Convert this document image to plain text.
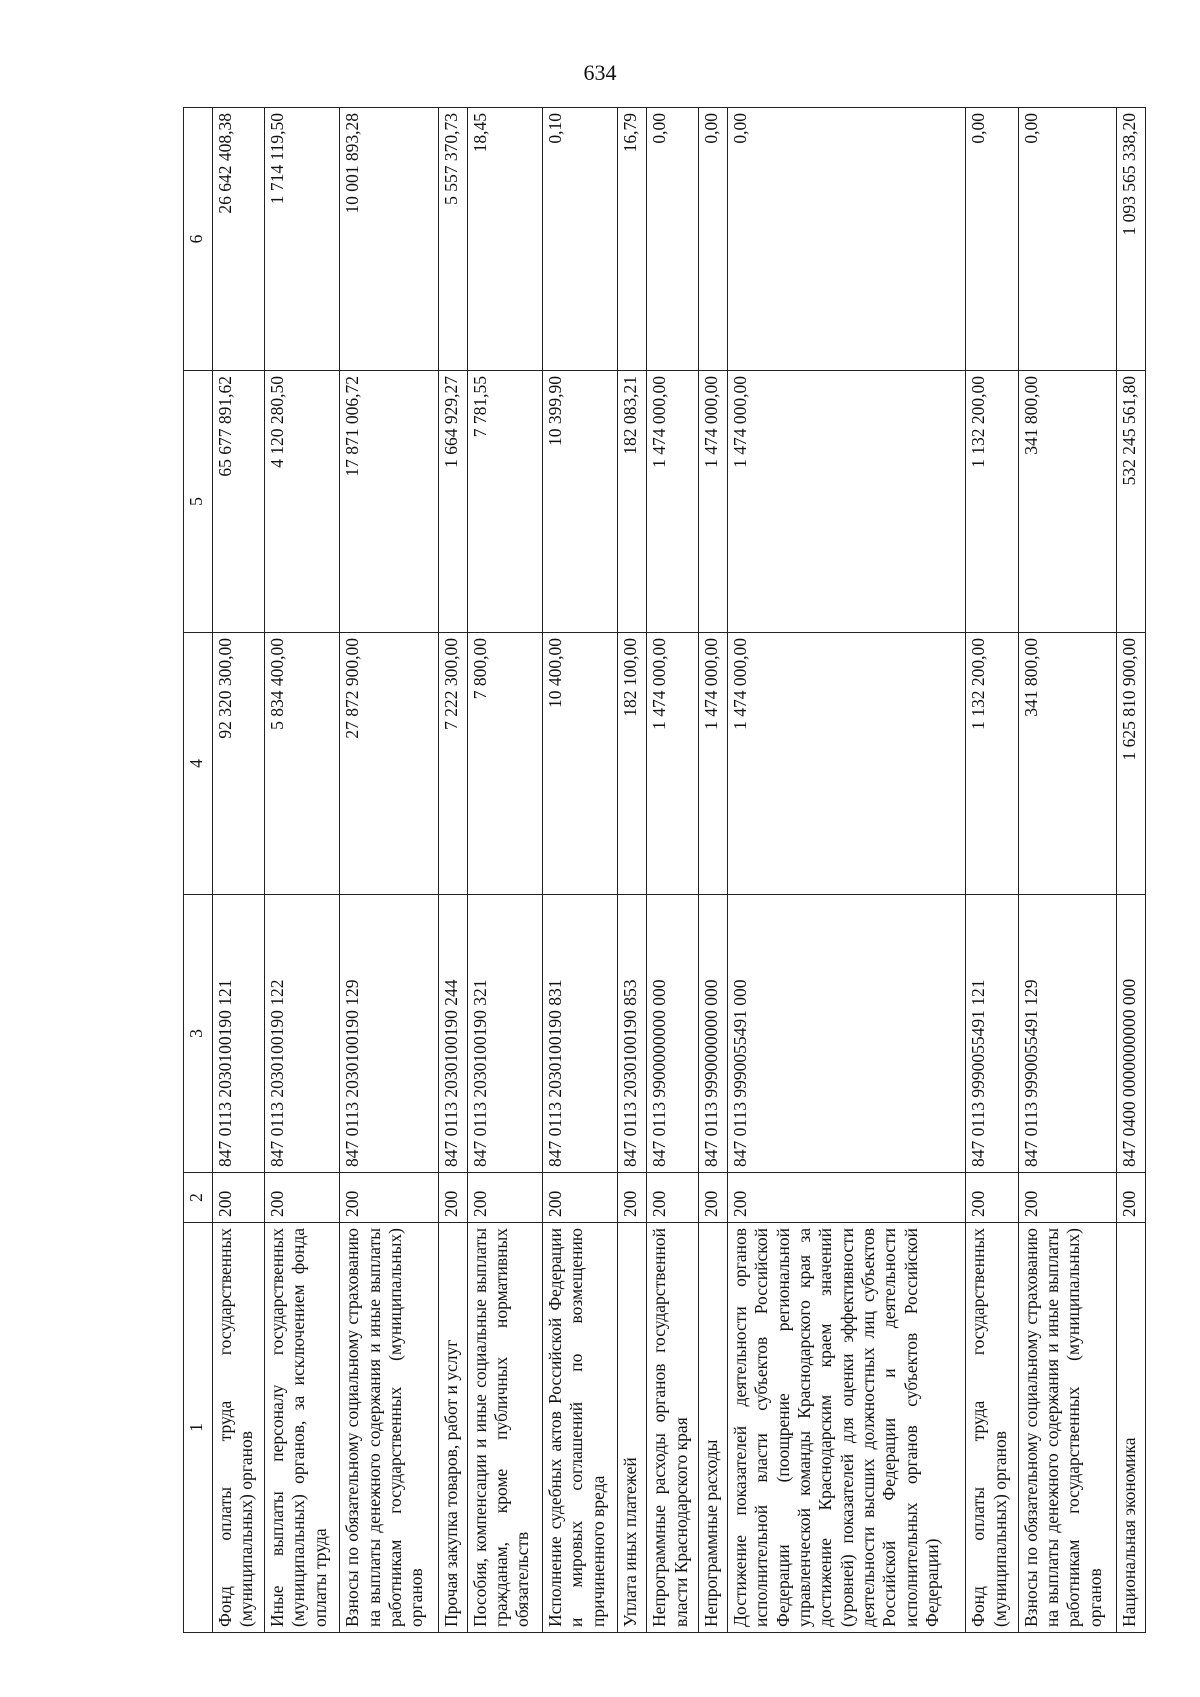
634
1	2	3	4	5	6
Фонд оплаты труда государственных (муниципальных) органов	200	847 0113 2030100190 121	92 320 300,00	65 677 891,62	26 642 408,38
Иные выплаты персоналу государственных (муниципальных) органов, за исключением фонда оплаты труда	200	847 0113 2030100190 122	5 834 400,00	4 120 280,50	1 714 119,50
Взносы по обязательному социальному страхованию на выплаты денежного содержания и иные выплаты работникам государственных (муниципальных) органов	200	847 0113 2030100190 129	27 872 900,00	17 871 006,72	10 001 893,28
Прочая закупка товаров, работ и услуг	200	847 0113 2030100190 244	7 222 300,00	1 664 929,27	5 557 370,73
Пособия, компенсации и иные социальные выплаты гражданам, кроме публичных нормативных обязательств	200	847 0113 2030100190 321	7 800,00	7 781,55	18,45
Исполнение судебных актов Российской Федерации и мировых соглашений по возмещению причиненного вреда	200	847 0113 2030100190 831	10 400,00	10 399,90	0,10
Уплата иных платежей	200	847 0113 2030100190 853	182 100,00	182 083,21	16,79
Непрограммные расходы органов государственной власти Краснодарского края	200	847 0113 9900000000 000	1 474 000,00	1 474 000,00	0,00
Непрограммные расходы	200	847 0113 9990000000 000	1 474 000,00	1 474 000,00	0,00
Достижение показателей деятельности органов исполнительной власти субъектов Российской Федерации (поощрение региональной управленческой команды Краснодарского края за достижение Краснодарским краем значений (уровней) показателей для оценки эффективности деятельности высших должностных лиц субъектов Российской Федерации и деятельности исполнительных органов субъектов Российской Федерации)	200	847 0113 9990055491 000	1 474 000,00	1 474 000,00	0,00
Фонд оплаты труда государственных (муниципальных) органов	200	847 0113 9990055491 121	1 132 200,00	1 132 200,00	0,00
Взносы по обязательному социальному страхованию на выплаты денежного содержания и иные выплаты работникам государственных (муниципальных) органов	200	847 0113 9990055491 129	341 800,00	341 800,00	0,00
Национальная экономика	200	847 0400 0000000000 000	1 625 810 900,00	532 245 561,80	1 093 565 338,20
